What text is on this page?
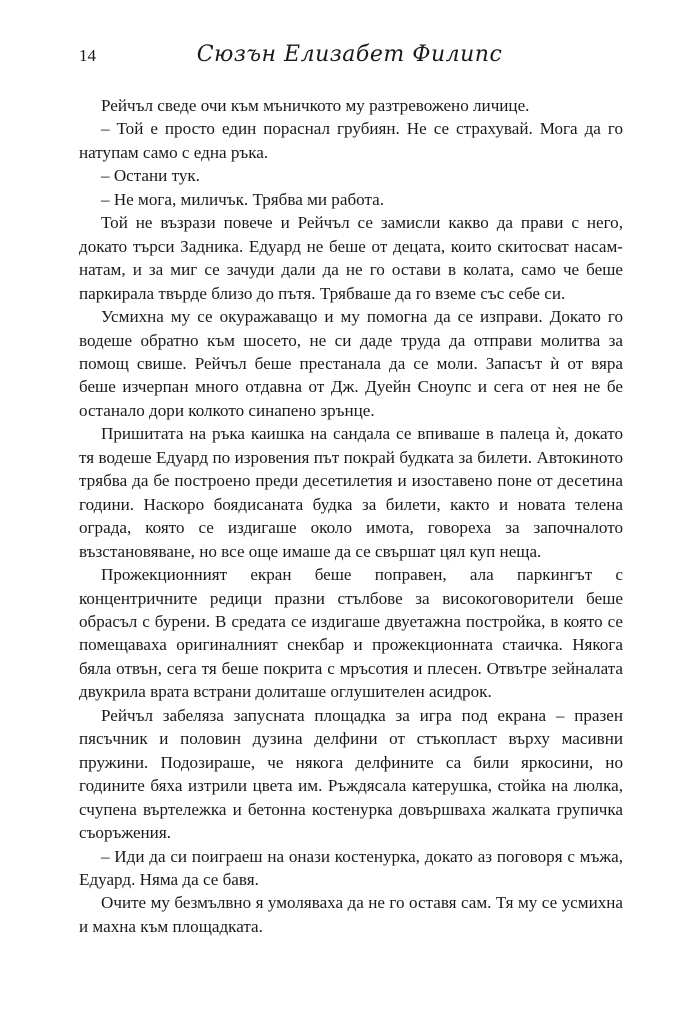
14	Сюзън Елизабет Филипс

Рейчъл сведе очи към мъничкото му разтревожено личице.

– Той е просто един пораснал грубиян. Не се страхувай. Мога да го натупам само с една ръка.

– Остани тук.

– Не мога, миличък. Трябва ми работа.

Той не възрази повече и Рейчъл се замисли какво да прави с него, докато търси Задника. Едуард не беше от децата, които скитосват насам-натам, и за миг се зачуди дали да не го остави в колата, само че беше паркирала твърде близо до пътя. Трябваше да го вземе със себе си.

Усмихна му се окуражаващо и му помогна да се изправи. Докато го водеше обратно към шосето, не си даде труда да отправи молитва за помощ свише. Рейчъл беше престанала да се моли. Запасът ѝ от вяра беше изчерпан много отдавна от Дж. Дуейн Сноупс и сега от нея не бе останало дори колкото синапено зрънце.

Пришитата на ръка каишка на сандала се впиваше в палеца ѝ, докато тя водеше Едуард по изровения път покрай будката за билети. Автокиното трябва да бе построено преди десетилетия и изоставено поне от десетина години. Наскоро боядисаната будка за билети, както и новата телена ограда, която се издигаше около имота, говореха за започналото възстановяване, но все още имаше да се свършат цял куп неща.

Прожекционният екран беше поправен, ала паркингът с концентричните редици празни стълбове за високоговорители беше обрасъл с бурени. В средата се издигаше двуетажна постройка, в която се помещаваха оригиналният снекбар и прожекционната стаичка. Някога бяла отвън, сега тя беше покрита с мръсотия и плесен. Отвътре зейналата двукрила врата встрани долиташе оглушителен асидрок.

Рейчъл забеляза запусната площадка за игра под екрана – празен пясъчник и половин дузина делфини от стъкопласт върху масивни пружини. Подозираше, че някога делфините са били яркосини, но годините бяха изтрили цвета им. Ръждясала катерушка, стойка на люлка, счупена въртележка и бетонна костенурка довършваха жалката групичка съоръжения.

– Иди да си поиграеш на онази костенурка, докато аз поговоря с мъжа, Едуард. Няма да се бавя.

Очите му безмълвно я умоляваха да не го оставя сам. Тя му се усмихна и махна към площадката.
